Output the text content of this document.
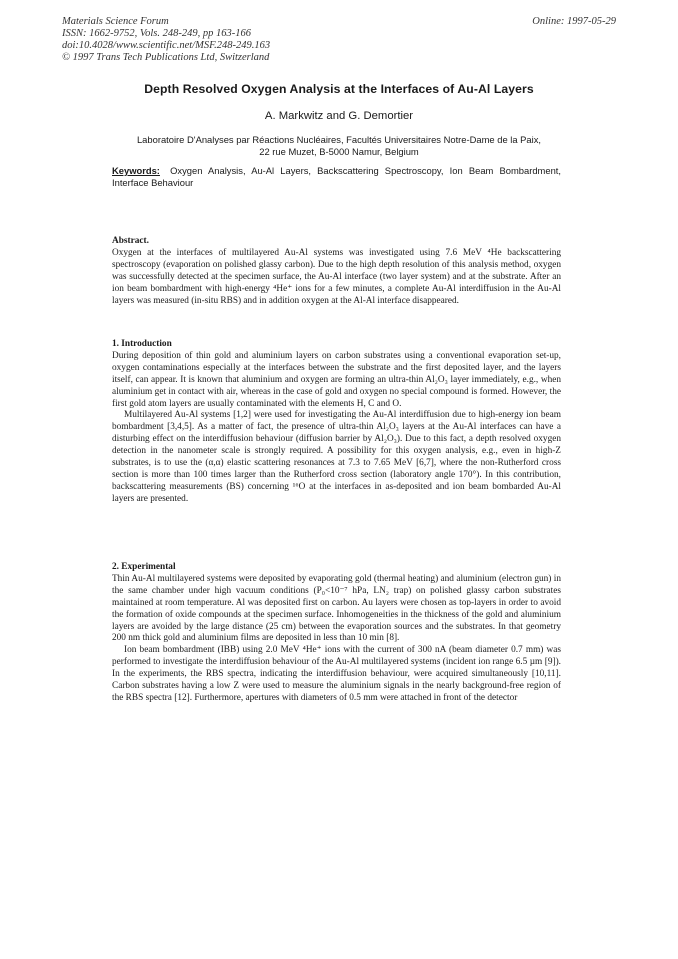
Materials Science Forum
ISSN: 1662-9752, Vols. 248-249, pp 163-166
doi:10.4028/www.scientific.net/MSF.248-249.163
© 1997 Trans Tech Publications Ltd, Switzerland
Online: 1997-05-29
Depth Resolved Oxygen Analysis at the Interfaces of Au-Al Layers
A. Markwitz and G. Demortier
Laboratoire D'Analyses par Réactions Nucléaires, Facultés Universitaires Notre-Dame de la Paix,
22 rue Muzet, B-5000 Namur, Belgium
Keywords: Oxygen Analysis, Au-Al Layers, Backscattering Spectroscopy, Ion Beam Bombardment, Interface Behaviour

Abstract.

Oxygen at the interfaces of multilayered Au-Al systems was investigated using 7.6 MeV ⁴He backscattering spectroscopy (evaporation on polished glassy carbon). Due to the high depth resolution of this analysis method, oxygen was successfully detected at the specimen surface, the Au-Al interface (two layer system) and at the substrate. After an ion beam bombardment with high-energy ⁴He⁺ ions for a few minutes, a complete Au-Al interdiffusion in the Au-Al layers was measured (in-situ RBS) and in addition oxygen at the Al-Al interface disappeared.

1. Introduction

During deposition of thin gold and aluminium layers on carbon substrates using a conventional evaporation set-up, oxygen contaminations especially at the interfaces between the substrate and the first deposited layer, and the layers itself, can appear. It is known that aluminium and oxygen are forming an ultra-thin Al₂O₃ layer immediately, e.g., when aluminium get in contact with air, whereas in the case of gold and oxygen no special compound is formed. However, the first gold atom layers are usually contaminated with the elements H, C and O.

Multilayered Au-Al systems [1,2] were used for investigating the Au-Al interdiffusion due to high-energy ion beam bombardment [3,4,5]. As a matter of fact, the presence of ultra-thin Al₂O₃ layers at the Au-Al interfaces can have a disturbing effect on the interdiffusion behaviour (diffusion barrier by Al₂O₃). Due to this fact, a depth resolved oxygen detection in the nanometer scale is strongly required. A possibility for this oxygen analysis, e.g., even in high-Z substrates, is to use the (α,α) elastic scattering resonances at 7.3 to 7.65 MeV [6,7], where the non-Rutherford cross section is more than 100 times larger than the Rutherford cross section (laboratory angle 170°). In this contribution, backscattering measurements (BS) concerning ¹⁶O at the interfaces in as-deposited and ion beam bombarded Au-Al layers are presented.

2. Experimental

Thin Au-Al multilayered systems were deposited by evaporating gold (thermal heating) and aluminium (electron gun) in the same chamber under high vacuum conditions (P₀<10⁻⁷ hPa, LN₂ trap) on polished glassy carbon substrates maintained at room temperature. Al was deposited first on carbon. Au layers were chosen as top-layers in order to avoid the formation of oxide compounds at the specimen surface. Inhomogeneities in the thickness of the gold and aluminium layers are avoided by the large distance (25 cm) between the evaporation sources and the substrates. In that geometry 200 nm thick gold and aluminium films are deposited in less than 10 min [8].

Ion beam bombardment (IBB) using 2.0 MeV ⁴He⁺ ions with the current of 300 nA (beam diameter 0.7 mm) was performed to investigate the interdiffusion behaviour of the Au-Al multilayered systems (incident ion range 6.5 µm [9]). In the experiments, the RBS spectra, indicating the interdiffusion behaviour, were acquired simultaneously [10,11]. Carbon substrates having a low Z were used to measure the aluminium signals in the nearly background-free region of the RBS spectra [12]. Furthermore, apertures with diameters of 0.5 mm were attached in front of the detector
